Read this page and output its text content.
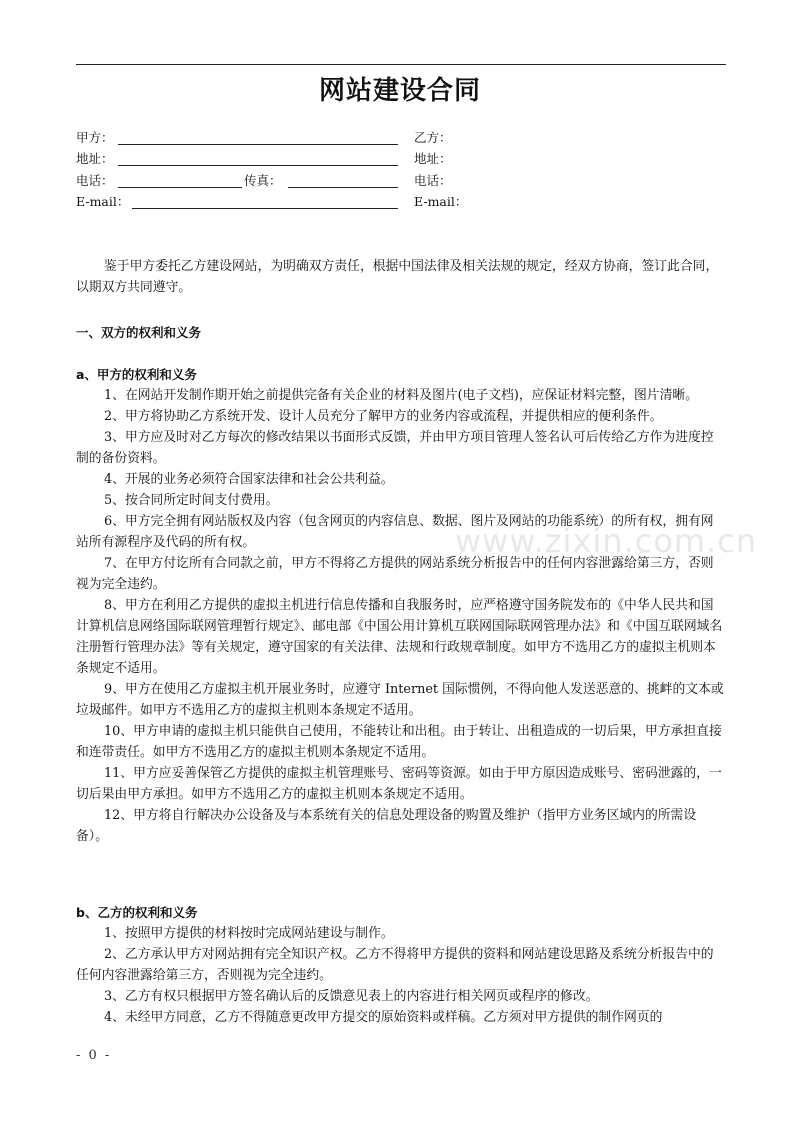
网站建设合同
甲方：	乙方：
地址：	地址：
电话：	传真：	电话：
E-mail：	E-mail：

鉴于甲方委托乙方建设网站，为明确双方责任，根据中国法律及相关法规的规定，经双方协商，签订此合同，以期双方共同遵守。

一、双方的权利和义务

a、甲方的权利和义务

1、在网站开发制作期开始之前提供完备有关企业的材料及图片(电子文档)，应保证材料完整，图片清晰。

2、甲方将协助乙方系统开发、设计人员充分了解甲方的业务内容或流程，并提供相应的便利条件。

3、甲方应及时对乙方每次的修改结果以书面形式反馈，并由甲方项目管理人签名认可后传给乙方作为进度控制的备份资料。

4、开展的业务必须符合国家法律和社会公共利益。

5、按合同所定时间支付费用。

6、甲方完全拥有网站版权及内容（包含网页的内容信息、数据、图片及网站的功能系统）的所有权，拥有网站所有源程序及代码的所有权。

7、在甲方付讫所有合同款之前，甲方不得将乙方提供的网站系统分析报告中的任何内容泄露给第三方，否则视为完全违约。

8、甲方在利用乙方提供的虚拟主机进行信息传播和自我服务时，应严格遵守国务院发布的《中华人民共和国计算机信息网络国际联网管理暂行规定》、邮电部《中国公用计算机互联网国际联网管理办法》和《中国互联网域名注册暂行管理办法》等有关规定，遵守国家的有关法律、法规和行政规章制度。如甲方不选用乙方的虚拟主机则本条规定不适用。

9、甲方在使用乙方虚拟主机开展业务时，应遵守 Internet 国际惯例，不得向他人发送恶意的、挑衅的文本或垃圾邮件。如甲方不选用乙方的虚拟主机则本条规定不适用。

10、甲方申请的虚拟主机只能供自己使用，不能转让和出租。由于转让、出租造成的一切后果，甲方承担直接和连带责任。如甲方不选用乙方的虚拟主机则本条规定不适用。

11、甲方应妥善保管乙方提供的虚拟主机管理账号、密码等资源。如由于甲方原因造成账号、密码泄露的，一切后果由甲方承担。如甲方不选用乙方的虚拟主机则本条规定不适用。

12、甲方将自行解决办公设备及与本系统有关的信息处理设备的购置及维护（指甲方业务区域内的所需设备）。

b、乙方的权利和义务

1、按照甲方提供的材料按时完成网站建设与制作。

2、乙方承认甲方对网站拥有完全知识产权。乙方不得将甲方提供的资料和网站建设思路及系统分析报告中的任何内容泄露给第三方，否则视为完全违约。

3、乙方有权只根据甲方签名确认后的反馈意见表上的内容进行相关网页或程序的修改。

4、未经甲方同意，乙方不得随意更改甲方提交的原始资料或样稿。乙方须对甲方提供的制作网页的

www.zixin.com.cn
- 0 -
